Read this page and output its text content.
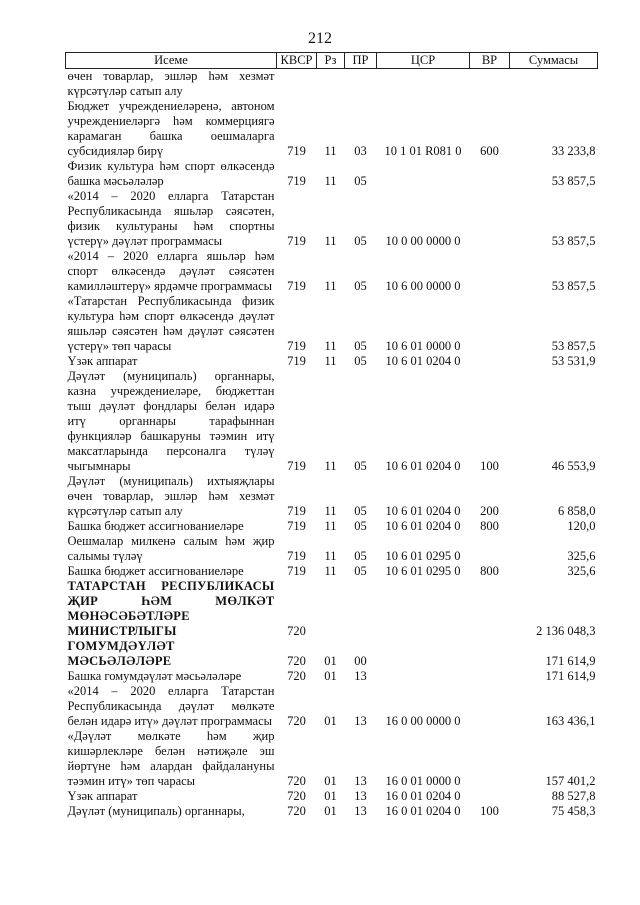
212
Исеме	КВСР	Рз	ПР	ЦСР	ВР	Суммасы
өчен товарлар, эшләр һәм хезмәт күрсәтүләр сатып алу						
Бюджет учреждениеләренә, автоном учреждениеләргә һәм коммерциягә карамаган башка оешмаларга субсидияләр бирү	719	11	03	10 1 01 R081 0	600	33 233,8
Физик культура һәм спорт өлкәсендә башка мәсьәләләр	719	11	05			53 857,5
«2014 – 2020 елларга Татарстан Республикасында яшьләр сәясәтен, физик культураны һәм спортны үстерү» дәүләт программасы	719	11	05	10 0 00 0000 0		53 857,5
«2014 – 2020 елларга яшьләр һәм спорт өлкәсендә дәүләт сәясәтен камилләштерү» ярдәмче программасы	719	11	05	10 6 00 0000 0		53 857,5
«Татарстан Республикасында физик культура һәм спорт өлкәсендә дәүләт яшьләр сәясәтен һәм дәүләт сәясәтен үстерү» төп чарасы	719	11	05	10 6 01 0000 0		53 857,5
Үзәк аппарат	719	11	05	10 6 01 0204 0		53 531,9
Дәүләт (муниципаль) органнары, казна учреждениеләре, бюджеттан тыш дәүләт фондлары белән идарә итү органнары тарафыннан функцияләр башкаруны тәэмин итү максатларында персоналга түләү чыгымнары	719	11	05	10 6 01 0204 0	100	46 553,9
Дәүләт (муниципаль) ихтыяҗлары өчен товарлар, эшләр һәм хезмәт күрсәтүләр сатып алу	719	11	05	10 6 01 0204 0	200	6 858,0
Башка бюджет ассигнованиеләре	719	11	05	10 6 01 0204 0	800	120,0
Оешмалар милкенә салым һәм җир салымы түләү	719	11	05	10 6 01 0295 0		325,6
Башка бюджет ассигнованиеләре	719	11	05	10 6 01 0295 0	800	325,6
ТАТАРСТАН РЕСПУБЛИКАСЫ ҖИР ҺӘМ МӨЛКӘТ МӨНӘСӘБӘТЛӘРЕ МИНИСТРЛЫГЫ	720					2 136 048,3
ГОМУМДӘҮЛӘТ МӘСЬӘЛӘЛӘРЕ	720	01	00			171 614,9
Башка гомумдәүләт мәсьәләләре	720	01	13			171 614,9
«2014 – 2020 елларга Татарстан Республикасында дәүләт мөлкәте белән идарә итү» дәүләт программасы	720	01	13	16 0 00 0000 0		163 436,1
«Дәүләт мөлкәте һәм җир кишәрлекләре белән нәтиҗәле эш йөртүне һәм алардан файдалануны тәэмин итү» төп чарасы	720	01	13	16 0 01 0000 0		157 401,2
Үзәк аппарат	720	01	13	16 0 01 0204 0		88 527,8
Дәүләт (муниципаль) органнары,	720	01	13	16 0 01 0204 0	100	75 458,3
